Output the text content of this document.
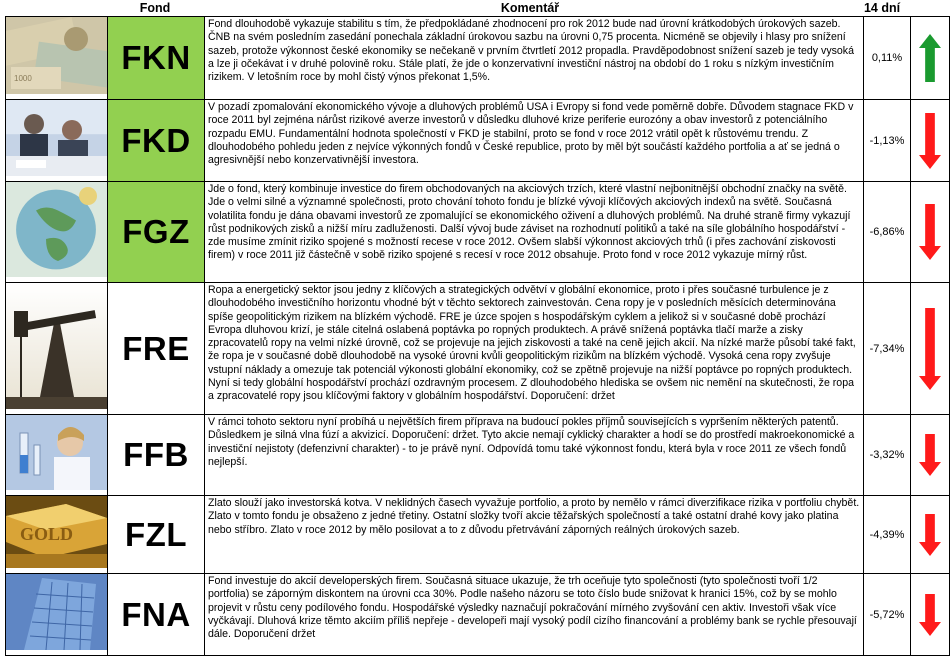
Fond	Komentář	14 dní
1000	FKN	Fond dlouhodobě vykazuje stabilitu s tím, že předpokládané zhodnocení pro rok 2012 bude nad úrovní krátkodobých úrokových sazeb. ČNB na svém posledním zasedání ponechala základní úrokovou sazbu na úrovni 0,75 procenta. Nicméně se objevily i hlasy pro snížení sazeb, protože výkonnost české ekonomiky se nečekaně v prvním čtvrtletí 2012 propadla. Pravděpodobnost snížení sazeb je tedy vysoká a lze ji očekávat i v druhé polovině roku. Stále platí, že jde o konzervativní investiční nástroj na období do 1 roku s nízkým investičním rizikem. V letošním roce by mohl čistý výnos překonat 1,5%.	0,11%	

	FKD	V pozadí zpomalování ekonomického vývoje a dluhových problémů USA i Evropy si fond vede poměrně dobře. Důvodem stagnace FKD v roce 2011 byl zejména nárůst rizikové averze investorů v důsledku dluhové krize periferie eurozóny a obav investorů z potenciálního rozpadu EMU. Fundamentální hodnota společností v FKD je stabilní, proto se fond v roce 2012 vrátil opět k růstovému trendu. Z dlouhodobého pohledu jeden z nejvíce výkonných fondů v České republice, proto by měl být součástí každého portfolia a ať se jedná o agresivnější nebo konzervativnější investora.	-1,13%	

	FGZ	Jde o fond, který kombinuje investice do firem obchodovaných na akciových trzích, které vlastní nejbonitnější obchodní značky na světě. Jde o velmi silné a významné společnosti, proto chování tohoto fondu je blízké vývoji klíčových akciových indexů na světě. Současná volatilita fondu je dána obavami investorů ze zpomalující se ekonomického oživení a dluhových problémů. Na druhé straně firmy vykazují růst podnikových zisků a nižší míru zadluženosti. Další vývoj bude záviset na rozhodnutí politiků a také na síle globálního hospodářství - zde musíme zmínit riziko spojené s možností recese v roce 2012. Ovšem slabší výkonnost akciových trhů (i přes zachování ziskovosti firem) v roce 2011 již částečně v sobě riziko spojené s recesí v roce 2012 obsahuje. Proto fond v roce 2012 vykazuje mírný růst.	-6,86%	

	FRE	Ropa a energetický sektor jsou jedny z klíčových a strategických odvětví v globální ekonomice, proto i přes současné turbulence je z dlouhodobého investičního horizontu vhodné být v těchto sektorech zainvestován. Cena ropy je v posledních měsících determinována spíše geopolitickým rizikem na blízkém východě. FRE je úzce spojen s hospodářským cyklem a jelikož si v současné době prochází Evropa dluhovou krizí, je stále citelná oslabená poptávka po ropných produktech. A právě snížená poptávka tlačí marže a zisky zpracovatelů ropy na velmi nízké úrovně, což se projevuje na jejich ziskovosti a také na ceně jejich akcií. Na nízké marže působí také fakt, že ropa je v současné době dlouhodobě na vysoké úrovni kvůli geopolitickým rizikům na blízkém východě. Vysoká cena ropy zvyšuje vstupní náklady a omezuje tak potenciál výkonosti globální ekonomiky, což se zpětně projevuje na nižší poptávce po ropných produktech. Nyní si tedy globální hospodářství prochází ozdravným procesem. Z dlouhodobého hlediska se ovšem nic nemění na skutečnosti, že ropa a zpracovatelé ropy jsou klíčovými faktory v globálním hospodářství. Doporučení: držet	-7,34%	

	FFB	V rámci tohoto sektoru nyní probíhá u největších firem příprava na budoucí pokles příjmů souvisejících s vypršením některých patentů. Důsledkem je silná vlna fúzí a akvizicí. Doporučení: držet. Tyto akcie nemají cyklický charakter a hodí se do prostředí makroekonomické a investiční nejistoty (defenzivní charakter) - to je právě nyní. Odpovídá tomu také výkonnost fondu, která byla v roce 2011 ze všech fondů nejlepší.	-3,32%	

GOLD	FZL	Zlato slouží jako investorská kotva. V neklidných časech vyvažuje portfolio, a proto by nemělo v rámci diverzifikace rizika v portfoliu chybět. Zlato v tomto fondu je obsaženo z jedné třetiny. Ostatní složky tvoří akcie těžařských společností a také ostatní drahé kovy jako platina nebo stříbro. Zlato v roce 2012 by mělo posilovat a to z důvodu přetrvávání záporných reálných úrokových sazeb.	-4,39%	

	FNA	Fond investuje do akcií developerských firem. Současná situace ukazuje, že trh oceňuje tyto společnosti (tyto společnosti tvoří 1/2 portfolia) se záporným diskontem na úrovni cca 30%. Podle našeho názoru se toto číslo bude snižovat k hranici 15%, což by se mohlo projevit v růstu ceny podílového fondu. Hospodářské výsledky naznačují pokračování mírného zvyšování cen aktiv. Investoři však více vyčkávají. Dluhová krize těmto akciím příliš nepřeje - developeři mají vysoký podíl cizího financování a problémy bank se rychle přesouvají dále. Doporučení držet	-5,72%	
